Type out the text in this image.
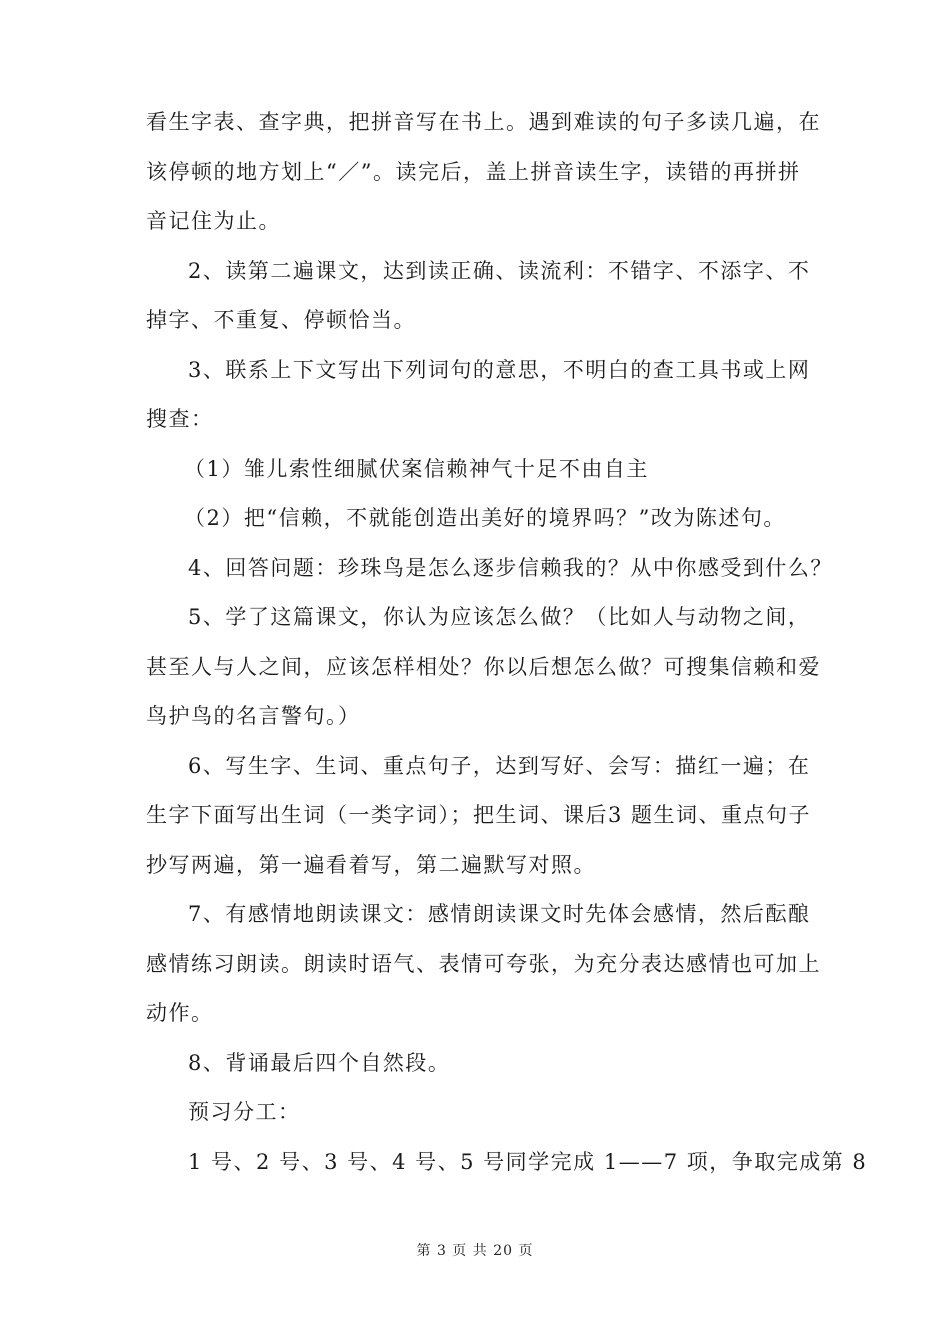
看生字表、查字典，把拼音写在书上。遇到难读的句子多读几遍，在
该停顿的地方划上“／”。读完后，盖上拼音读生字，读错的再拼拼
音记住为止。
2、读第二遍课文，达到读正确、读流利：不错字、不添字、不
掉字、不重复、停顿恰当。
3、联系上下文写出下列词句的意思，不明白的查工具书或上网
搜查：
（1）雏儿索性细腻伏案信赖神气十足不由自主
（2）把“信赖，不就能创造出美好的境界吗？”改为陈述句。
4、回答问题：珍珠鸟是怎么逐步信赖我的？从中你感受到什么？
5、学了这篇课文，你认为应该怎么做？（比如人与动物之间，
甚至人与人之间，应该怎样相处？你以后想怎么做？可搜集信赖和爱
鸟护鸟的名言警句。）
6、写生字、生词、重点句子，达到写好、会写：描红一遍；在
生字下面写出生词（一类字词）；把生词、课后3 题生词、重点句子
抄写两遍，第一遍看着写，第二遍默写对照。
7、有感情地朗读课文：感情朗读课文时先体会感情，然后酝酿
感情练习朗读。朗读时语气、表情可夸张，为充分表达感情也可加上
动作。
8、背诵最后四个自然段。
预习分工：
1 号、2 号、3 号、4 号、5 号同学完成 1——7 项，争取完成第 8
第 3 页 共 20 页
